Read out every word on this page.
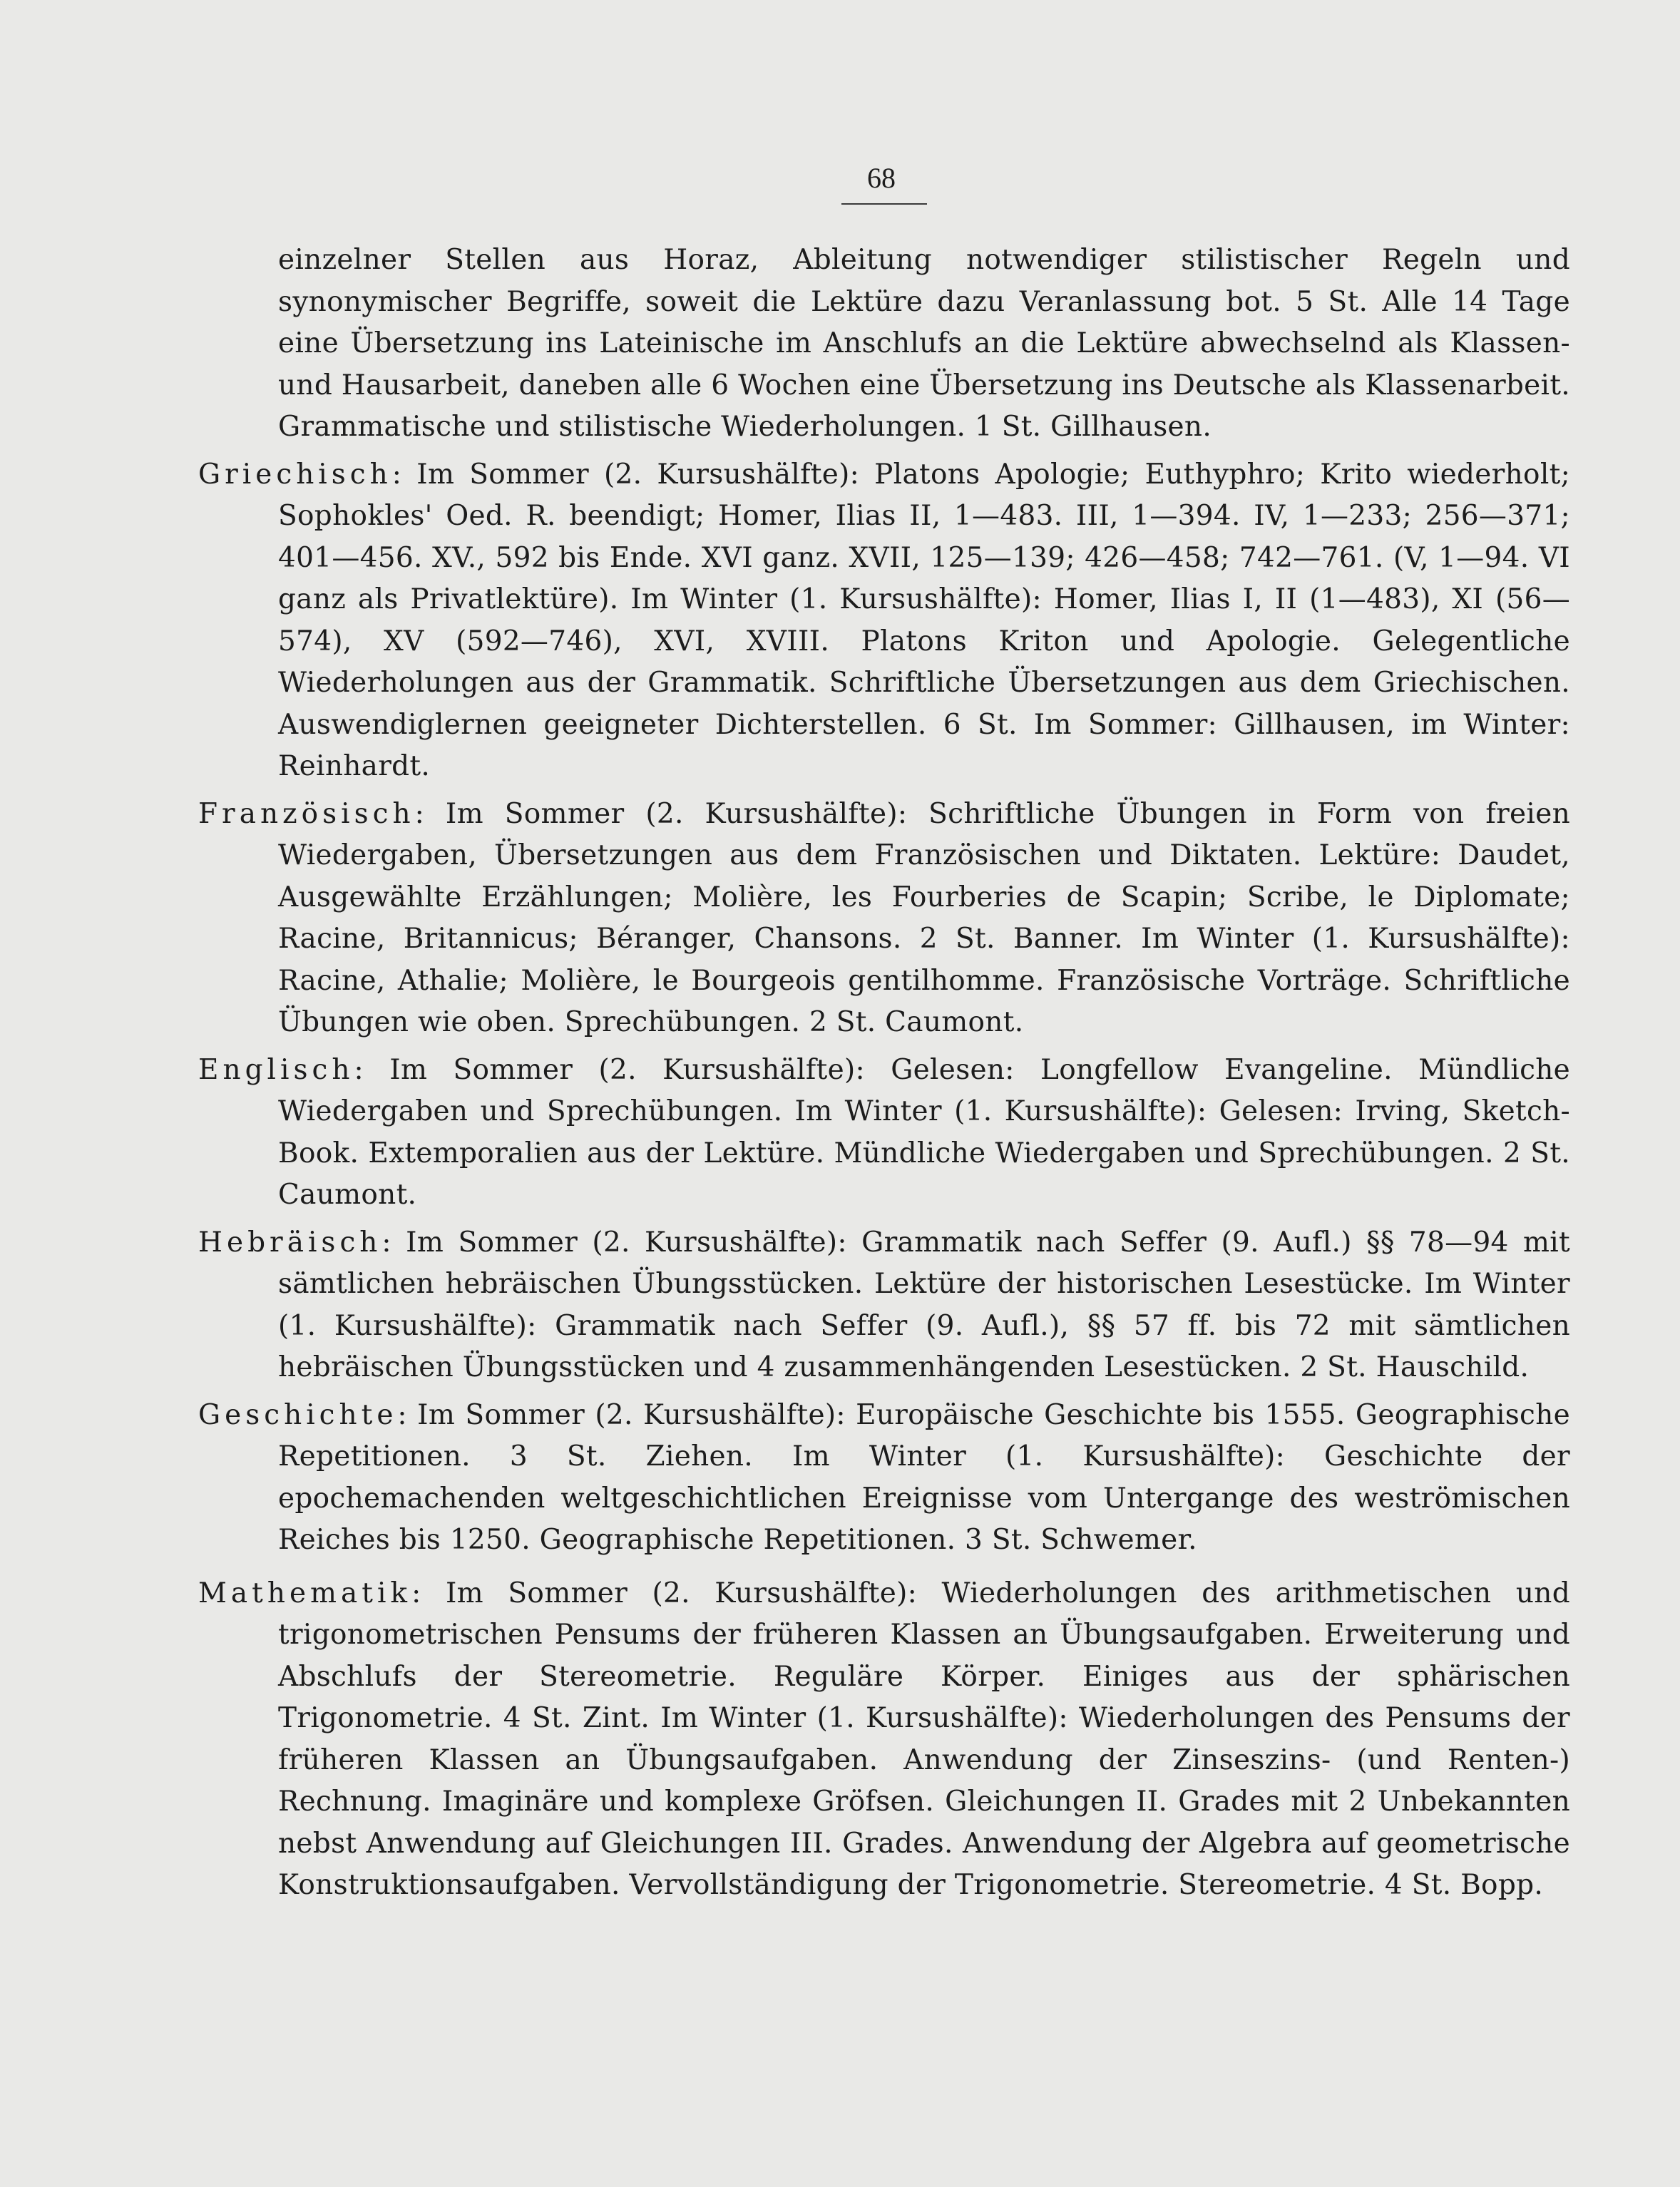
68

einzelner Stellen aus Horaz, Ableitung notwendiger stilistischer Regeln und synonymischer Begriffe, soweit die Lektüre dazu Veranlassung bot. 5 St. Alle 14 Tage eine Übersetzung ins Lateinische im Anschlufs an die Lektüre abwechselnd als Klassen- und Hausarbeit, daneben alle 6 Wochen eine Übersetzung ins Deutsche als Klassenarbeit. Grammatische und stilistische Wiederholungen. 1 St. Gillhausen.

Griechisch: Im Sommer (2. Kursushälfte): Platons Apologie; Euthyphro; Krito wiederholt; Sophokles' Oed. R. beendigt; Homer, Ilias II, 1—483. III, 1—394. IV, 1—233; 256—371; 401—456. XV., 592 bis Ende. XVI ganz. XVII, 125—139; 426—458; 742—761. (V, 1—94. VI ganz als Privatlektüre). Im Winter (1. Kursushälfte): Homer, Ilias I, II (1—483), XI (56—574), XV (592—746), XVI, XVIII. Platons Kriton und Apologie. Gelegentliche Wiederholungen aus der Grammatik. Schriftliche Übersetzungen aus dem Griechischen. Auswendiglernen geeigneter Dichterstellen. 6 St. Im Sommer: Gillhausen, im Winter: Reinhardt.

Französisch: Im Sommer (2. Kursushälfte): Schriftliche Übungen in Form von freien Wiedergaben, Übersetzungen aus dem Französischen und Diktaten. Lektüre: Daudet, Ausgewählte Erzählungen; Molière, les Fourberies de Scapin; Scribe, le Diplomate; Racine, Britannicus; Béranger, Chansons. 2 St. Banner. Im Winter (1. Kursushälfte): Racine, Athalie; Molière, le Bourgeois gentilhomme. Französische Vorträge. Schriftliche Übungen wie oben. Sprechübungen. 2 St. Caumont.

Englisch: Im Sommer (2. Kursushälfte): Gelesen: Longfellow Evangeline. Mündliche Wiedergaben und Sprechübungen. Im Winter (1. Kursushälfte): Gelesen: Irving, Sketch-Book. Extemporalien aus der Lektüre. Mündliche Wiedergaben und Sprechübungen. 2 St. Caumont.

Hebräisch: Im Sommer (2. Kursushälfte): Grammatik nach Seffer (9. Aufl.) §§ 78—94 mit sämtlichen hebräischen Übungsstücken. Lektüre der historischen Lesestücke. Im Winter (1. Kursushälfte): Grammatik nach Seffer (9. Aufl.), §§ 57 ff. bis 72 mit sämtlichen hebräischen Übungsstücken und 4 zusammenhängenden Lesestücken. 2 St. Hauschild.

Geschichte: Im Sommer (2. Kursushälfte): Europäische Geschichte bis 1555. Geographische Repetitionen. 3 St. Ziehen. Im Winter (1. Kursushälfte): Geschichte der epochemachenden weltgeschichtlichen Ereignisse vom Untergange des weströmischen Reiches bis 1250. Geographische Repetitionen. 3 St. Schwemer.

Mathematik: Im Sommer (2. Kursushälfte): Wiederholungen des arithmetischen und trigonometrischen Pensums der früheren Klassen an Übungsaufgaben. Erweiterung und Abschlufs der Stereometrie. Reguläre Körper. Einiges aus der sphärischen Trigonometrie. 4 St. Zint. Im Winter (1. Kursushälfte): Wiederholungen des Pensums der früheren Klassen an Übungsaufgaben. Anwendung der Zinseszins- (und Renten-) Rechnung. Imaginäre und komplexe Gröfsen. Gleichungen II. Grades mit 2 Unbekannten nebst Anwendung auf Gleichungen III. Grades. Anwendung der Algebra auf geometrische Konstruktionsaufgaben. Vervollständigung der Trigonometrie. Stereometrie. 4 St. Bopp.
